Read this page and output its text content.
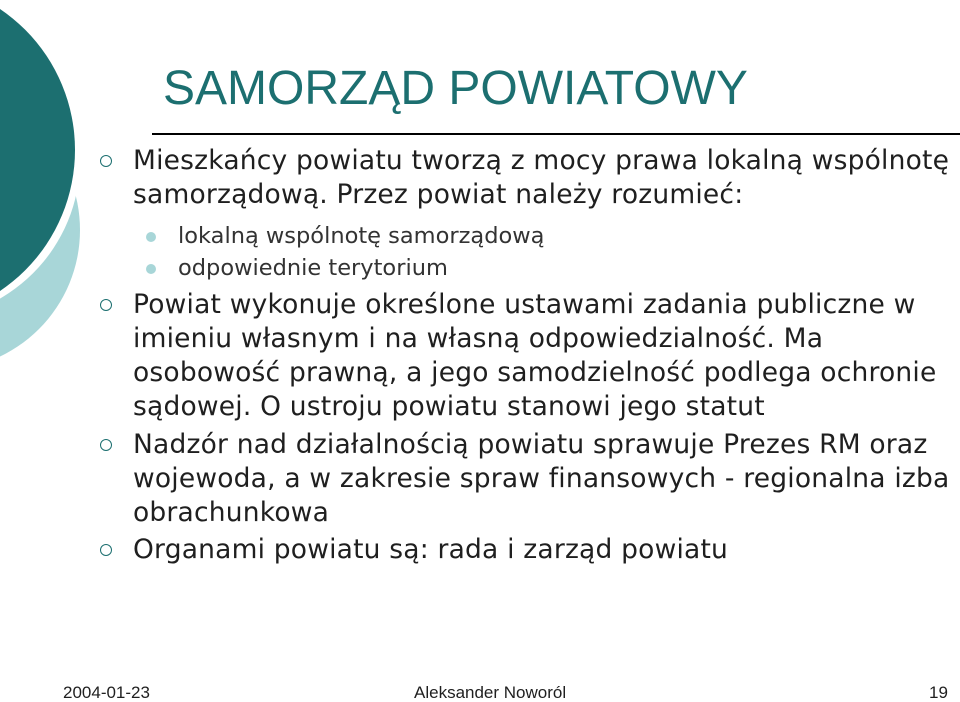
SAMORZĄD POWIATOWY
Mieszkańcy powiatu tworzą z mocy prawa lokalną wspólnotę samorządową. Przez powiat należy rozumieć:
lokalną wspólnotę samorządową
odpowiednie terytorium
Powiat wykonuje określone ustawami zadania publiczne w imieniu własnym i na własną odpowiedzialność. Ma osobowość prawną, a jego samodzielność podlega ochronie sądowej. O ustroju powiatu stanowi jego statut
Nadzór nad działalnością powiatu sprawuje Prezes RM oraz wojewoda, a w zakresie spraw finansowych - regionalna izba obrachunkowa
Organami powiatu są: rada i zarząd powiatu
2004-01-23	Aleksander Noworól	19
